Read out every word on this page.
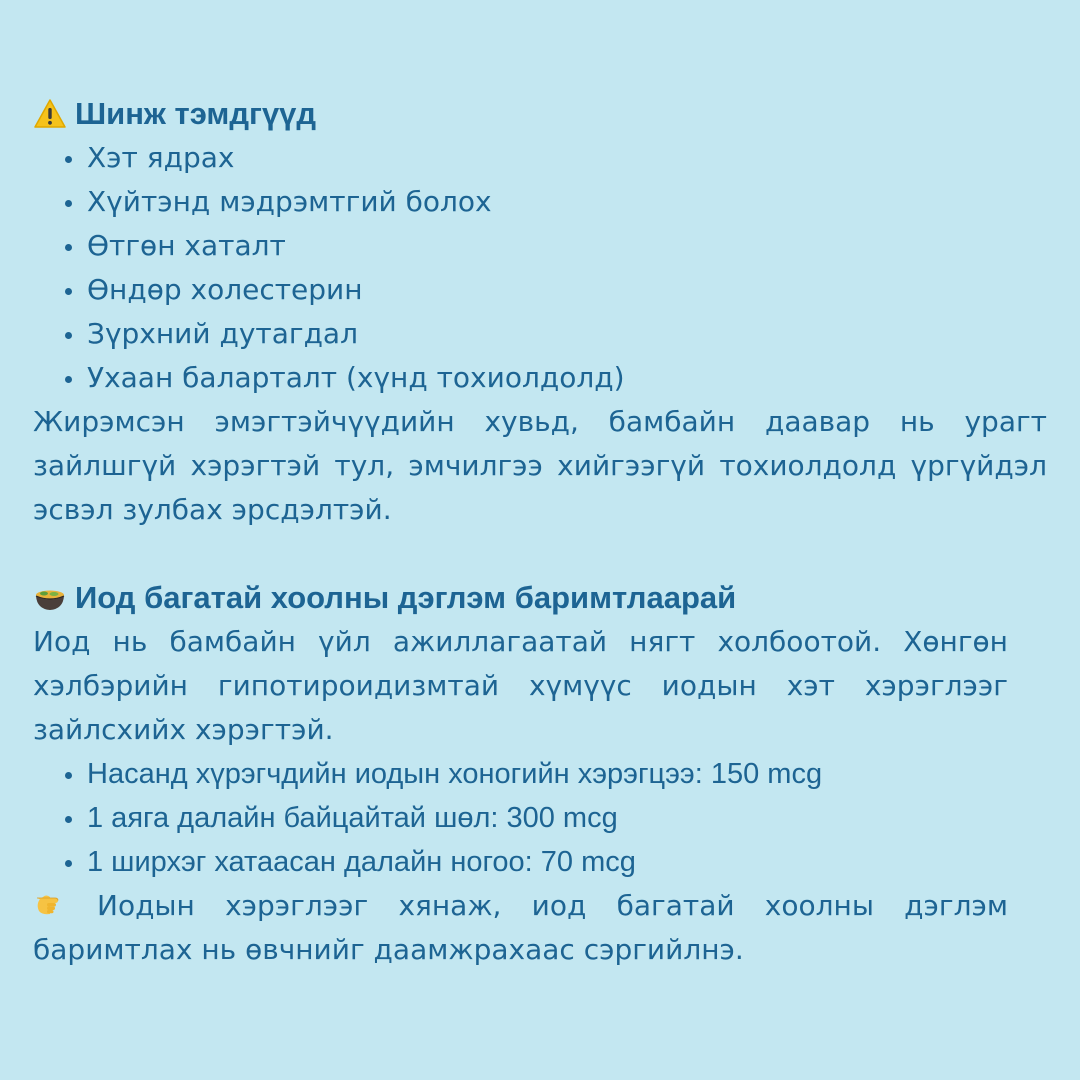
Шинж тэмдгүүд
Хэт ядрах
Хүйтэнд мэдрэмтгий болох
Өтгөн хаталт
Өндөр холестерин
Зүрхний дутагдал
Ухаан баларталт (хүнд тохиолдолд)

Жирэмсэн эмэгтэйчүүдийн хувьд, бамбайн даавар нь урагт зайлшгүй хэрэгтэй тул, эмчилгээ хийгээгүй тохиолдолд үргүйдэл эсвэл зулбах эрсдэлтэй.

Иод багатай хоолны дэглэм баримтлаарай

Иод нь бамбайн үйл ажиллагаатай нягт холбоотой. Хөнгөн хэлбэрийн гипотироидизмтай хүмүүс иодын хэт хэрэглээг зайлсхийх хэрэгтэй.

Насанд хүрэгчдийн иодын хоногийн хэрэгцээ: 150 mcg
1 аяга далайн байцайтай шөл: 300 mcg
1 ширхэг хатаасан далайн ногоо: 70 mcg

Иодын хэрэглээг хянаж, иод багатай хоолны дэглэм баримтлах нь өвчнийг даамжрахаас сэргийлнэ.
